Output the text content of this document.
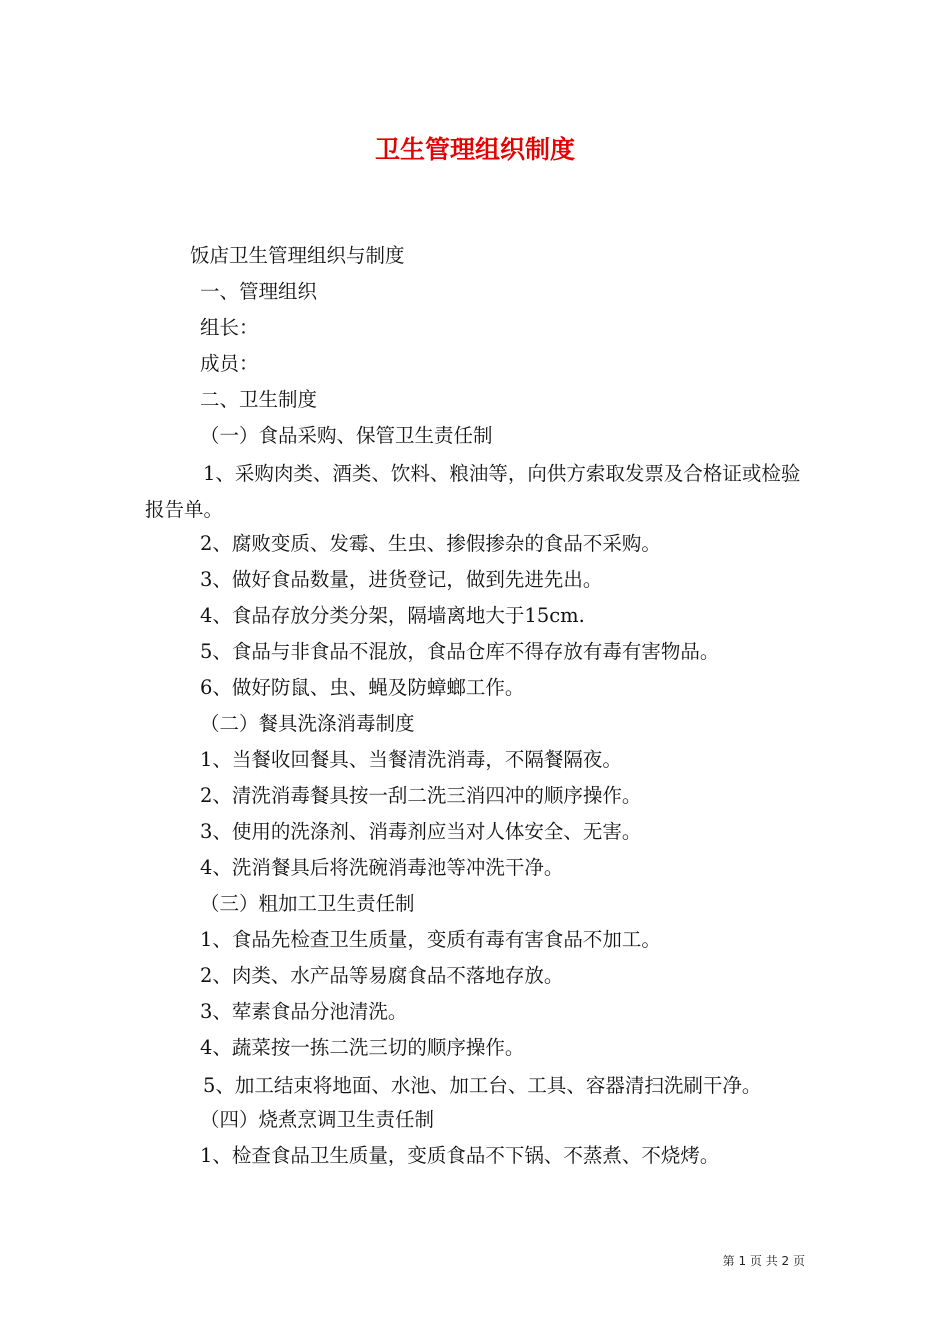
卫生管理组织制度
饭店卫生管理组织与制度
一、管理组织
组长：
成员：
二、卫生制度
（一）食品采购、保管卫生责任制
1、采购肉类、酒类、饮料、粮油等，向供方索取发票及合格证或检验报告单。
2、腐败变质、发霉、生虫、掺假掺杂的食品不采购。
3、做好食品数量，进货登记，做到先进先出。
4、食品存放分类分架，隔墙离地大于15cm.
5、食品与非食品不混放，食品仓库不得存放有毒有害物品。
6、做好防鼠、虫、蝇及防蟑螂工作。
（二）餐具洗涤消毒制度
1、当餐收回餐具、当餐清洗消毒，不隔餐隔夜。
2、清洗消毒餐具按一刮二洗三消四冲的顺序操作。
3、使用的洗涤剂、消毒剂应当对人体安全、无害。
4、洗消餐具后将洗碗消毒池等冲洗干净。
（三）粗加工卫生责任制
1、食品先检查卫生质量，变质有毒有害食品不加工。
2、肉类、水产品等易腐食品不落地存放。
3、荤素食品分池清洗。
4、蔬菜按一拣二洗三切的顺序操作。
5、加工结束将地面、水池、加工台、工具、容器清扫洗刷干净。
（四）烧煮烹调卫生责任制
1、检查食品卫生质量，变质食品不下锅、不蒸煮、不烧烤。
第 1 页 共 2 页
